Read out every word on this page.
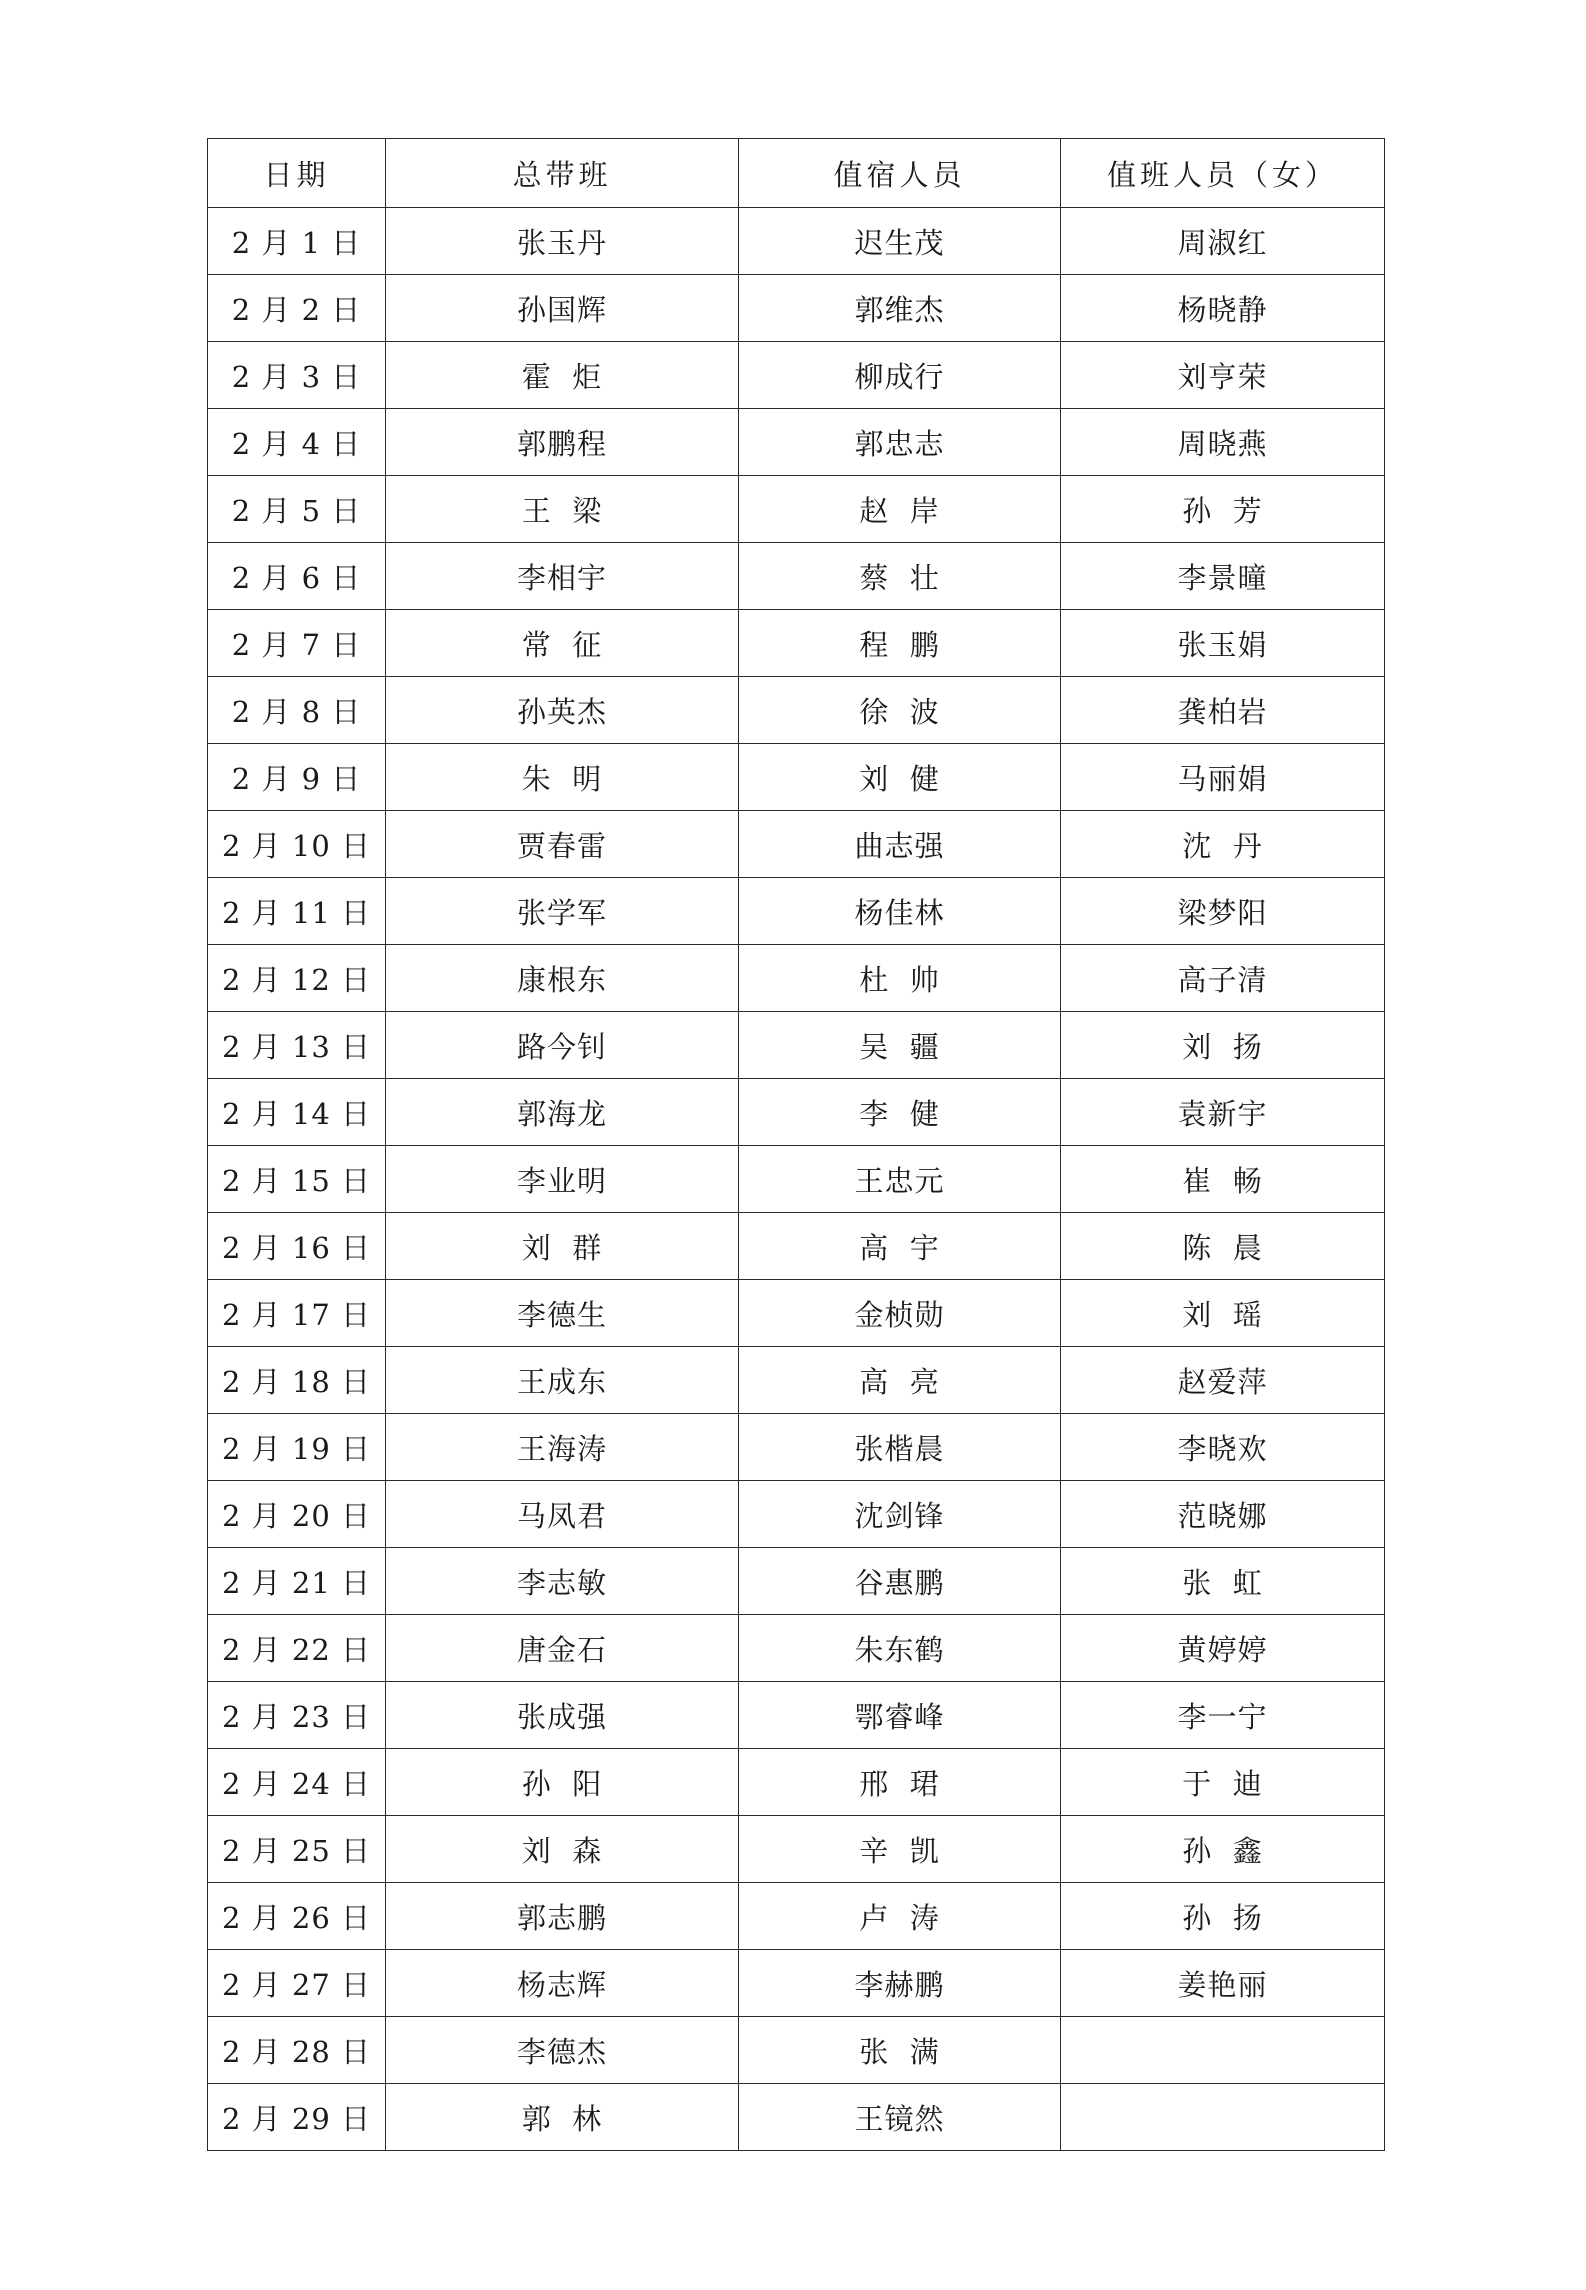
日期	总带班	值宿人员	值班人员（女）
2 月 1 日	张玉丹	迟生茂	周淑红
2 月 2 日	孙国辉	郭维杰	杨晓静
2 月 3 日	霍  炬	柳成行	刘亨荣
2 月 4 日	郭鹏程	郭忠志	周晓燕
2 月 5 日	王  梁	赵  岸	孙  芳
2 月 6 日	李相宇	蔡  壮	李景曈
2 月 7 日	常  征	程  鹏	张玉娟
2 月 8 日	孙英杰	徐  波	龚柏岩
2 月 9 日	朱  明	刘  健	马丽娟
2 月 10 日	贾春雷	曲志强	沈  丹
2 月 11 日	张学军	杨佳林	梁梦阳
2 月 12 日	康根东	杜  帅	高子清
2 月 13 日	路今钊	吴  疆	刘  扬
2 月 14 日	郭海龙	李  健	袁新宇
2 月 15 日	李业明	王忠元	崔  畅
2 月 16 日	刘  群	高  宇	陈  晨
2 月 17 日	李德生	金桢勋	刘  瑶
2 月 18 日	王成东	高  亮	赵爱萍
2 月 19 日	王海涛	张楷晨	李晓欢
2 月 20 日	马凤君	沈剑锋	范晓娜
2 月 21 日	李志敏	谷惠鹏	张  虹
2 月 22 日	唐金石	朱东鹤	黄婷婷
2 月 23 日	张成强	鄂睿峰	李一宁
2 月 24 日	孙  阳	邢  珺	于  迪
2 月 25 日	刘  森	辛  凯	孙  鑫
2 月 26 日	郭志鹏	卢  涛	孙  扬
2 月 27 日	杨志辉	李赫鹏	姜艳丽
2 月 28 日	李德杰	张  满	
2 月 29 日	郭  林	王镜然	
